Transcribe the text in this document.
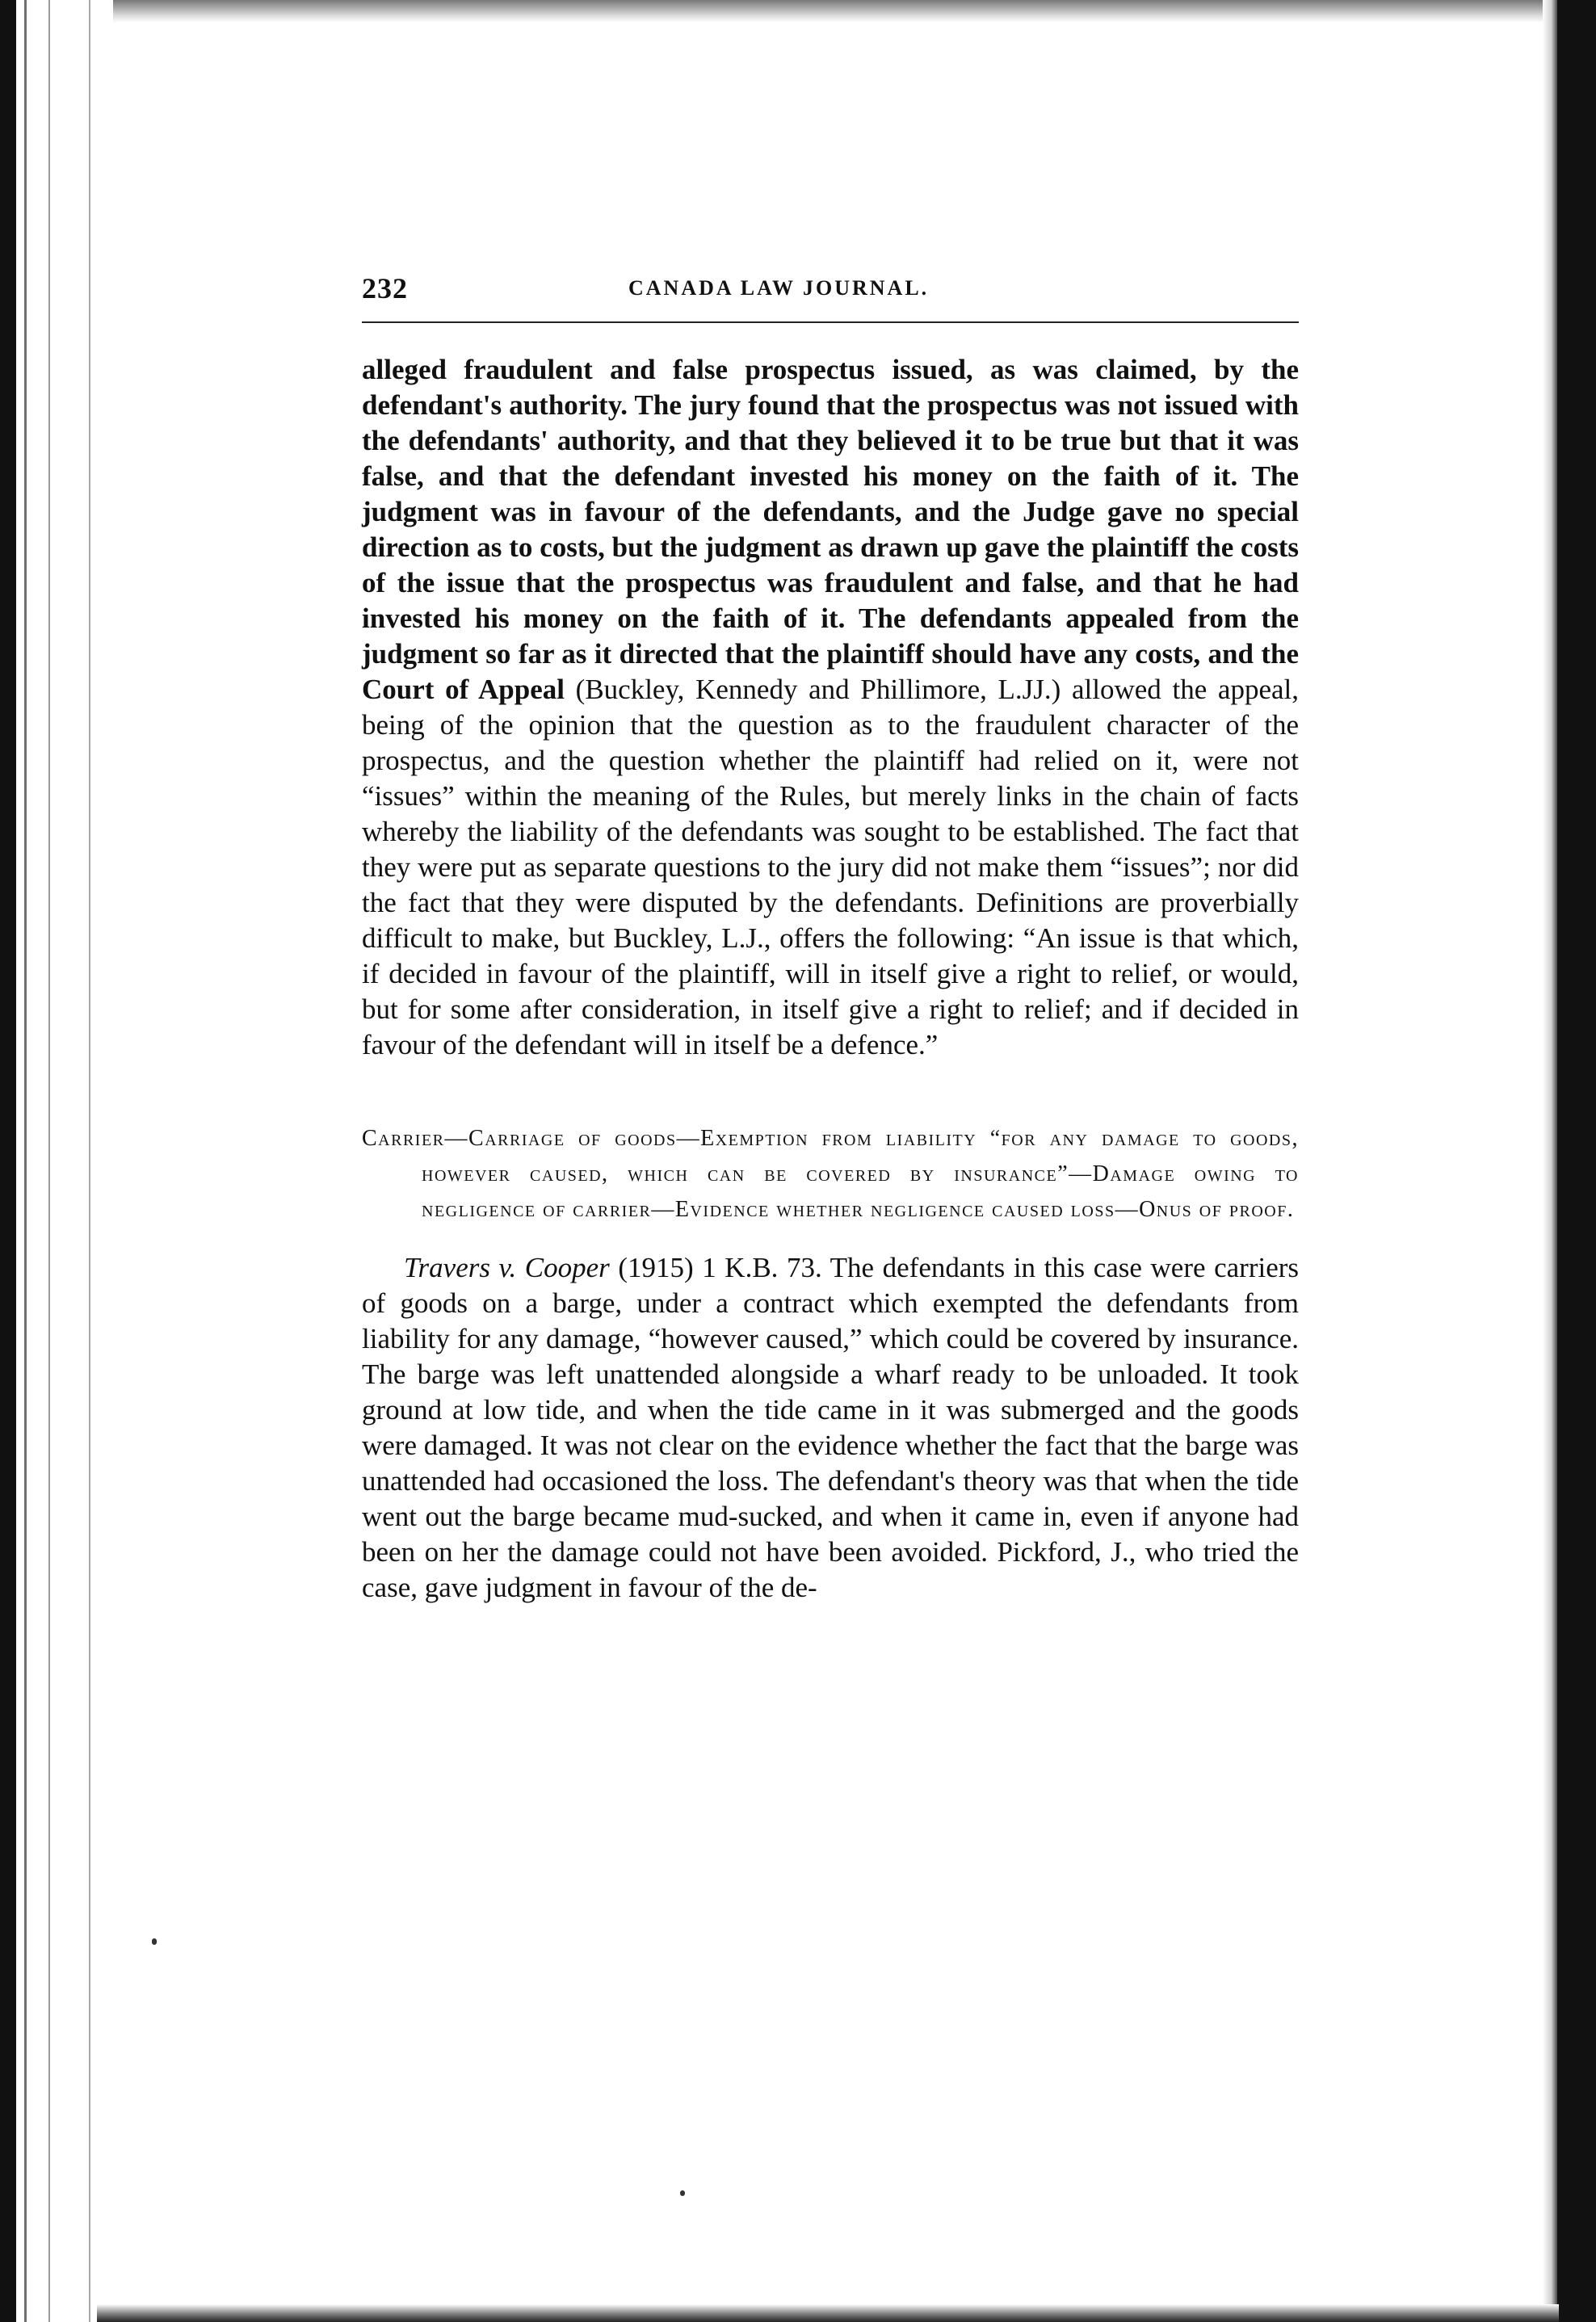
232	CANADA LAW JOURNAL.

alleged fraudulent and false prospectus issued, as was claimed, by the defendant's authority. The jury found that the prospectus was not issued with the defendants' authority, and that they believed it to be true but that it was false, and that the defendant invested his money on the faith of it. The judgment was in favour of the defendants, and the Judge gave no special direction as to costs, but the judgment as drawn up gave the plaintiff the costs of the issue that the prospectus was fraudulent and false, and that he had invested his money on the faith of it. The defendants appealed from the judgment so far as it directed that the plaintiff should have any costs, and the Court of Appeal (Buckley, Kennedy and Phillimore, L.JJ.) allowed the appeal, being of the opinion that the question as to the fraudulent character of the prospectus, and the question whether the plaintiff had relied on it, were not “issues” within the meaning of the Rules, but merely links in the chain of facts whereby the liability of the defendants was sought to be established. The fact that they were put as separate questions to the jury did not make them “issues”; nor did the fact that they were disputed by the defendants. Definitions are proverbially difficult to make, but Buckley, L.J., offers the following: “An issue is that which, if decided in favour of the plaintiff, will in itself give a right to relief, or would, but for some after consideration, in itself give a right to relief; and if decided in favour of the defendant will in itself be a defence.”

Carrier—Carriage of goods—Exemption from liability “for any damage to goods, however caused, which can be covered by insurance”—Damage owing to negligence of carrier—Evidence whether negligence caused loss—Onus of proof.

Travers v. Cooper (1915) 1 K.B. 73. The defendants in this case were carriers of goods on a barge, under a contract which exempted the defendants from liability for any damage, “however caused,” which could be covered by insurance. The barge was left unattended alongside a wharf ready to be unloaded. It took ground at low tide, and when the tide came in it was submerged and the goods were damaged. It was not clear on the evidence whether the fact that the barge was unattended had occasioned the loss. The defendant's theory was that when the tide went out the barge became mud-sucked, and when it came in, even if anyone had been on her the damage could not have been avoided. Pickford, J., who tried the case, gave judgment in favour of the de-
